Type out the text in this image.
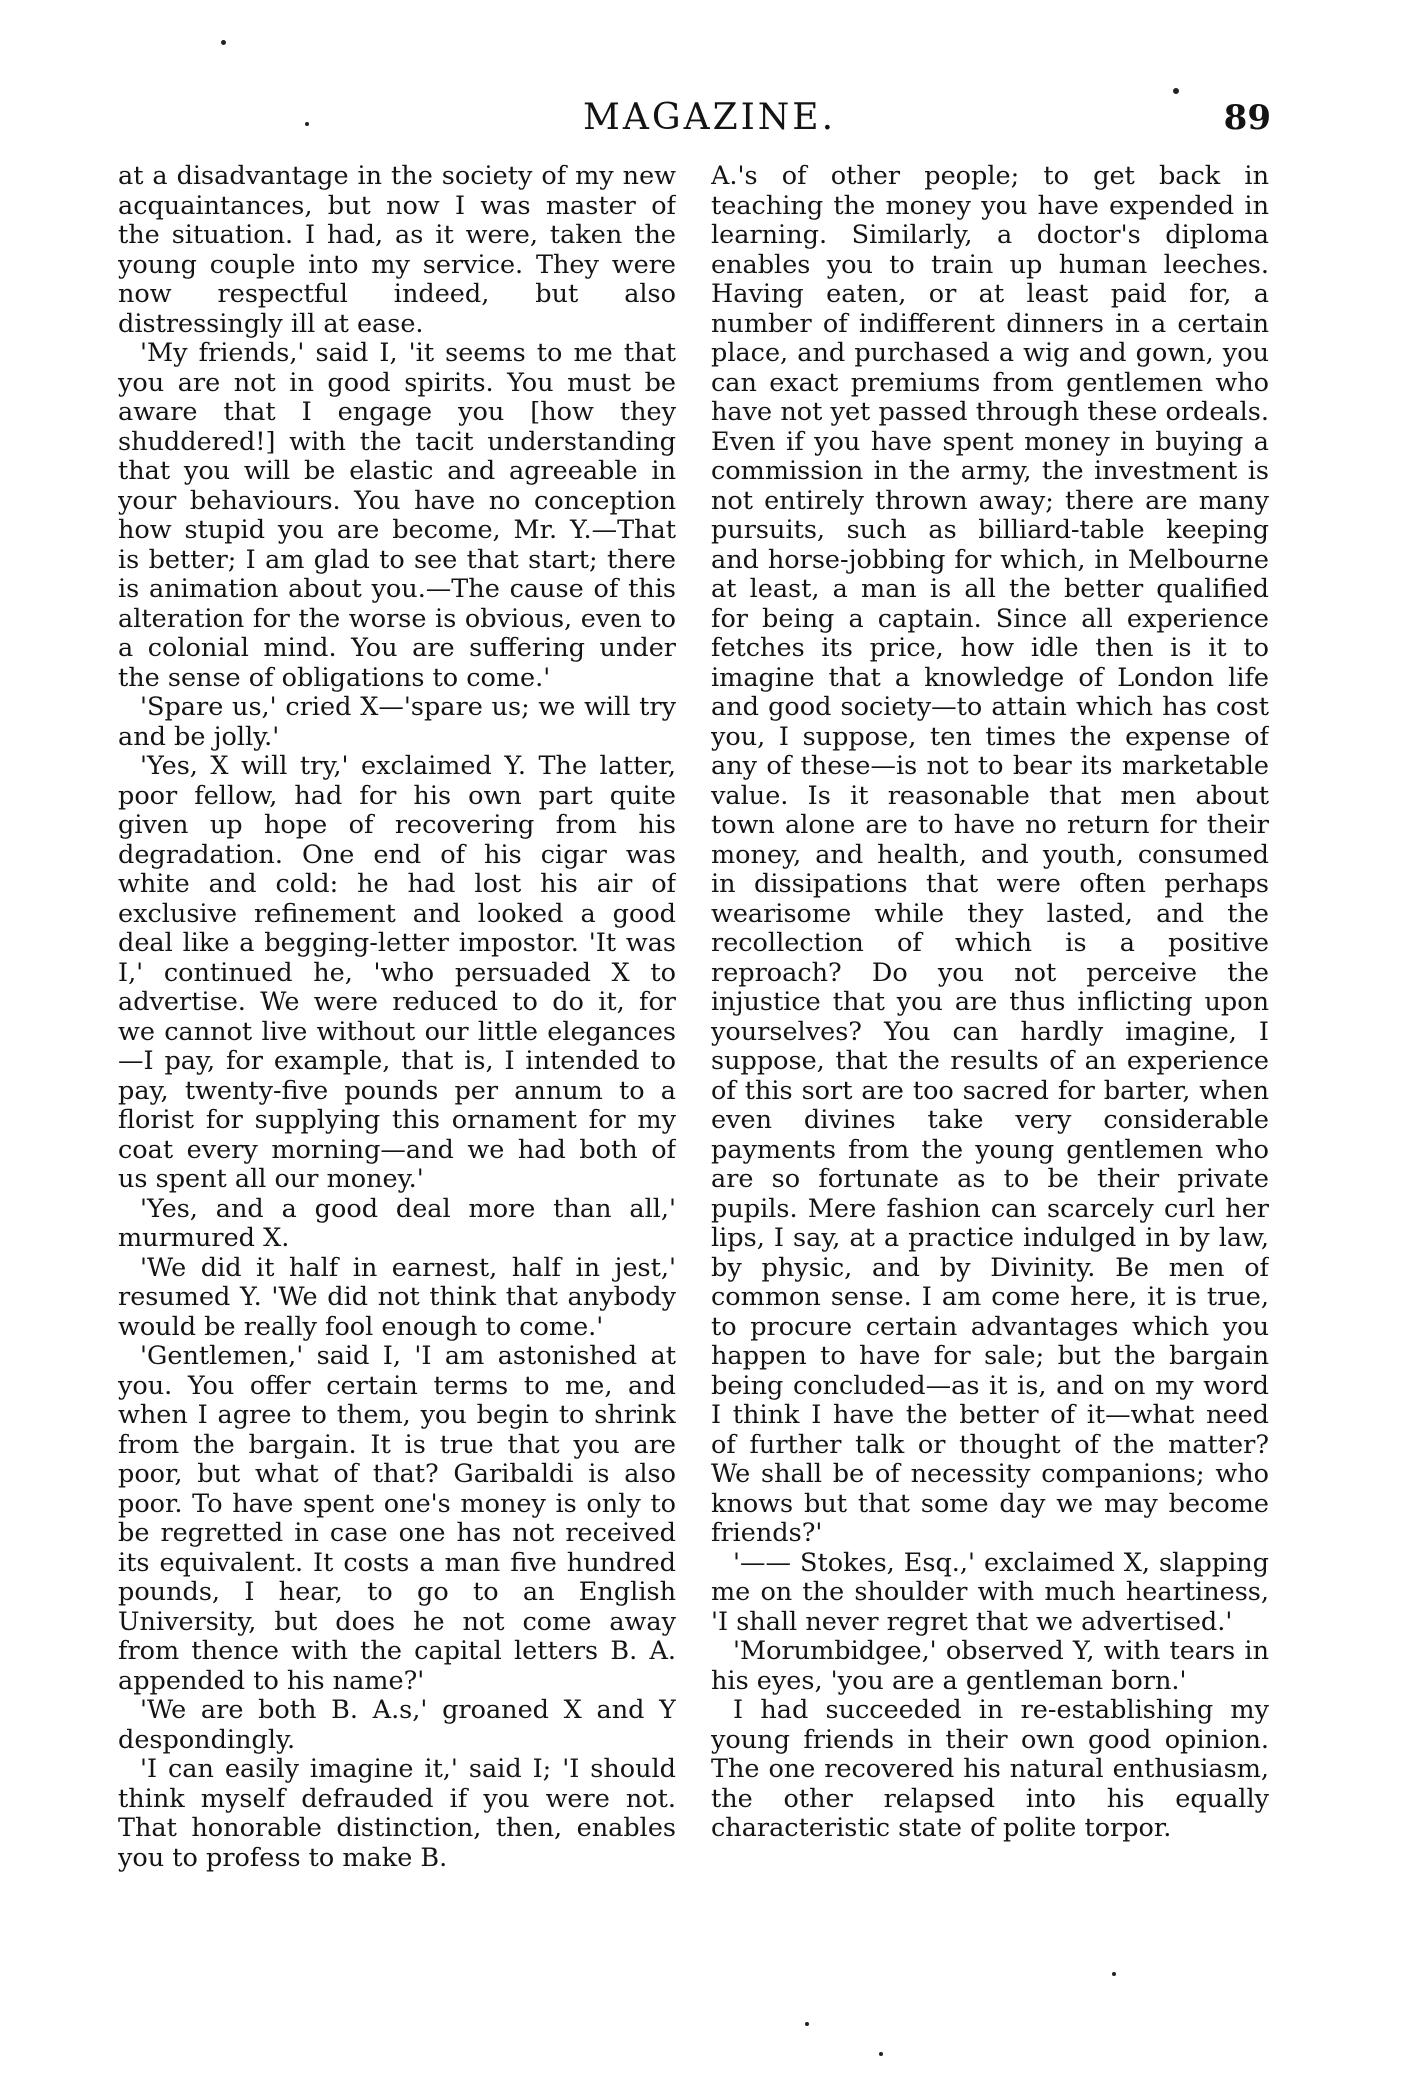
MAGAZINE.	89

at a disadvantage in the society of my new acquaintances, but now I was master of the situation. I had, as it were, taken the young couple into my service. They were now respectful indeed, but also distressingly ill at ease.

'My friends,' said I, 'it seems to me that you are not in good spirits. You must be aware that I engage you [how they shuddered!] with the tacit understanding that you will be elastic and agreeable in your behaviours. You have no conception how stupid you are become, Mr. Y.—That is better; I am glad to see that start; there is animation about you.—The cause of this alteration for the worse is obvious, even to a colonial mind. You are suffering under the sense of obligations to come.'

'Spare us,' cried X—'spare us; we will try and be jolly.'

'Yes, X will try,' exclaimed Y. The latter, poor fellow, had for his own part quite given up hope of recovering from his degradation. One end of his cigar was white and cold: he had lost his air of exclusive refinement and looked a good deal like a begging-letter impostor. 'It was I,' continued he, 'who persuaded X to advertise. We were reduced to do it, for we cannot live without our little elegances—I pay, for example, that is, I intended to pay, twenty-five pounds per annum to a florist for supplying this ornament for my coat every morning—and we had both of us spent all our money.'

'Yes, and a good deal more than all,' murmured X.

'We did it half in earnest, half in jest,' resumed Y. 'We did not think that anybody would be really fool enough to come.'

'Gentlemen,' said I, 'I am astonished at you. You offer certain terms to me, and when I agree to them, you begin to shrink from the bargain. It is true that you are poor, but what of that? Garibaldi is also poor. To have spent one's money is only to be regretted in case one has not received its equivalent. It costs a man five hundred pounds, I hear, to go to an English University, but does he not come away from thence with the capital letters B. A. appended to his name?'

'We are both B. A.s,' groaned X and Y despondingly.

'I can easily imagine it,' said I; 'I should think myself defrauded if you were not. That honorable distinction, then, enables you to profess to make B.

A.'s of other people; to get back in teaching the money you have expended in learning. Similarly, a doctor's diploma enables you to train up human leeches. Having eaten, or at least paid for, a number of indifferent dinners in a certain place, and purchased a wig and gown, you can exact premiums from gentlemen who have not yet passed through these ordeals. Even if you have spent money in buying a commission in the army, the investment is not entirely thrown away; there are many pursuits, such as billiard-table keeping and horse-jobbing for which, in Melbourne at least, a man is all the better qualified for being a captain. Since all experience fetches its price, how idle then is it to imagine that a knowledge of London life and good society—to attain which has cost you, I suppose, ten times the expense of any of these—is not to bear its marketable value. Is it reasonable that men about town alone are to have no return for their money, and health, and youth, consumed in dissipations that were often perhaps wearisome while they lasted, and the recollection of which is a positive reproach? Do you not perceive the injustice that you are thus inflicting upon yourselves? You can hardly imagine, I suppose, that the results of an experience of this sort are too sacred for barter, when even divines take very considerable payments from the young gentlemen who are so fortunate as to be their private pupils. Mere fashion can scarcely curl her lips, I say, at a practice indulged in by law, by physic, and by Divinity. Be men of common sense. I am come here, it is true, to procure certain advantages which you happen to have for sale; but the bargain being concluded—as it is, and on my word I think I have the better of it—what need of further talk or thought of the matter? We shall be of necessity companions; who knows but that some day we may become friends?'

'—— Stokes, Esq.,' exclaimed X, slapping me on the shoulder with much heartiness, 'I shall never regret that we advertised.'

'Morumbidgee,' observed Y, with tears in his eyes, 'you are a gentleman born.'

I had succeeded in re-establishing my young friends in their own good opinion. The one recovered his natural enthusiasm, the other relapsed into his equally characteristic state of polite torpor.
